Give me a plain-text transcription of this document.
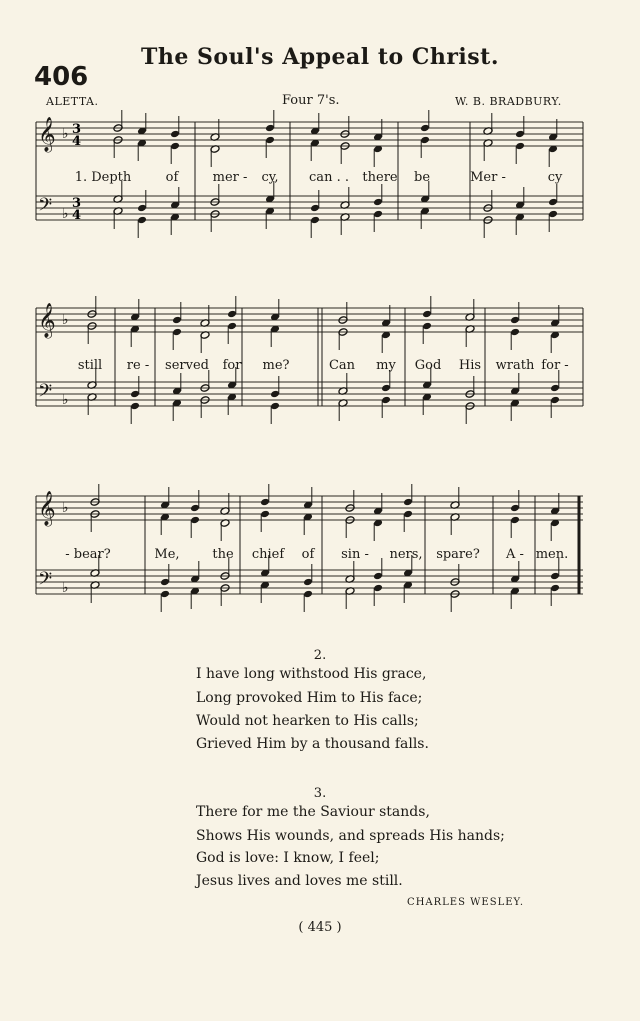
The Soul's Appeal to Christ.
406
ALETTA.	Four 7's.	W. B. BRADBURY.
𝄞
𝄢
♭
♭
3
4
3
4
𝄞
𝄢
♭
♭
𝄞
𝄢
♭
♭
1. Depth	of	mer - cy, can . . there be	Mer -	cy
still re - served for me?	Can my God His wrath for -
- bear?	Me,	the chief of sin - ners, spare? A - men.
2.
I have long withstood His grace,
Long provoked Him to His face;
Would not hearken to His calls;
Grieved Him by a thousand falls.
3.
There for me the Saviour stands,
Shows His wounds, and spreads His hands;
God is love: I know, I feel;
Jesus lives and loves me still.
CHARLES WESLEY.
( 445 )
